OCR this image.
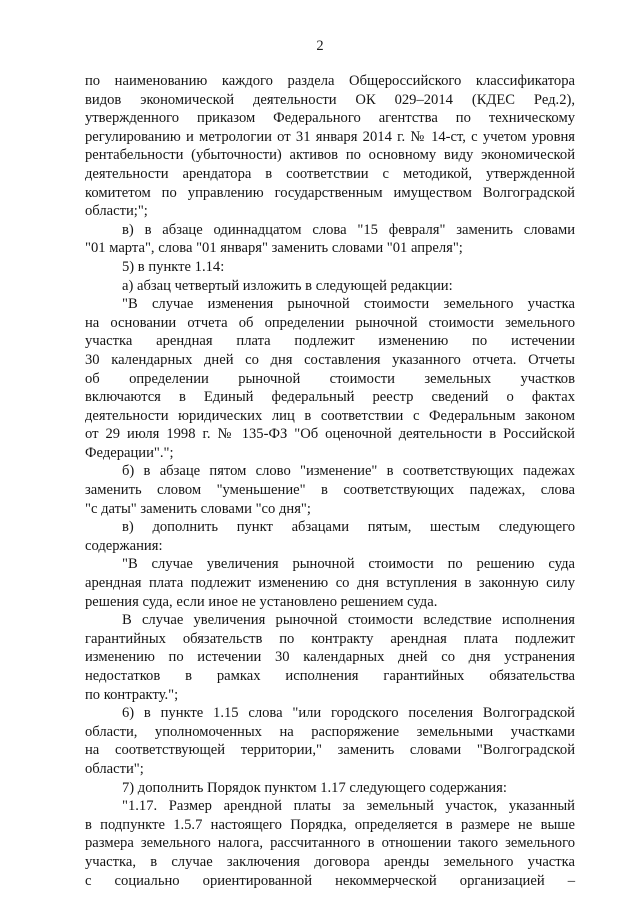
2
по наименованию каждого раздела Общероссийского классификатора
видов экономической деятельности ОК 029–2014 (КДЕС Ред.2),
утвержденного приказом Федерального агентства по техническому
регулированию и метрологии от 31 января 2014 г. № 14-ст, с учетом уровня
рентабельности (убыточности) активов по основному виду экономической
деятельности арендатора в соответствии с методикой, утвержденной
комитетом по управлению государственным имуществом Волгоградской
области;";
в) в абзаце одиннадцатом слова "15 февраля" заменить словами
"01 марта", слова "01 января" заменить словами "01 апреля";
5) в пункте 1.14:
а) абзац четвертый изложить в следующей редакции:
"В случае изменения рыночной стоимости земельного участка
на основании отчета об определении рыночной стоимости земельного
участка арендная плата подлежит изменению по истечении
30 календарных дней со дня составления указанного отчета. Отчеты
об определении рыночной стоимости земельных участков
включаются в Единый федеральный реестр сведений о фактах
деятельности юридических лиц в соответствии с Федеральным законом
от 29 июля 1998 г. № 135-ФЗ "Об оценочной деятельности в Российской
Федерации".";
б) в абзаце пятом слово "изменение" в соответствующих падежах
заменить словом "уменьшение" в соответствующих падежах, слова
"с даты" заменить словами "со дня";
в) дополнить пункт абзацами пятым, шестым следующего
содержания:
"В случае увеличения рыночной стоимости по решению суда
арендная плата подлежит изменению со дня вступления в законную силу
решения суда, если иное не установлено решением суда.
В случае увеличения рыночной стоимости вследствие исполнения
гарантийных обязательств по контракту арендная плата подлежит
изменению по истечении 30 календарных дней со дня устранения
недостатков в рамках исполнения гарантийных обязательства
по контракту.";
6) в пункте 1.15 слова "или городского поселения Волгоградской
области, уполномоченных на распоряжение земельными участками
на соответствующей территории," заменить словами "Волгоградской
области";
7) дополнить Порядок пунктом 1.17 следующего содержания:
"1.17. Размер арендной платы за земельный участок, указанный
в подпункте 1.5.7 настоящего Порядка, определяется в размере не выше
размера земельного налога, рассчитанного в отношении такого земельного
участка, в случае заключения договора аренды земельного участка
с социально ориентированной некоммерческой организацией –
